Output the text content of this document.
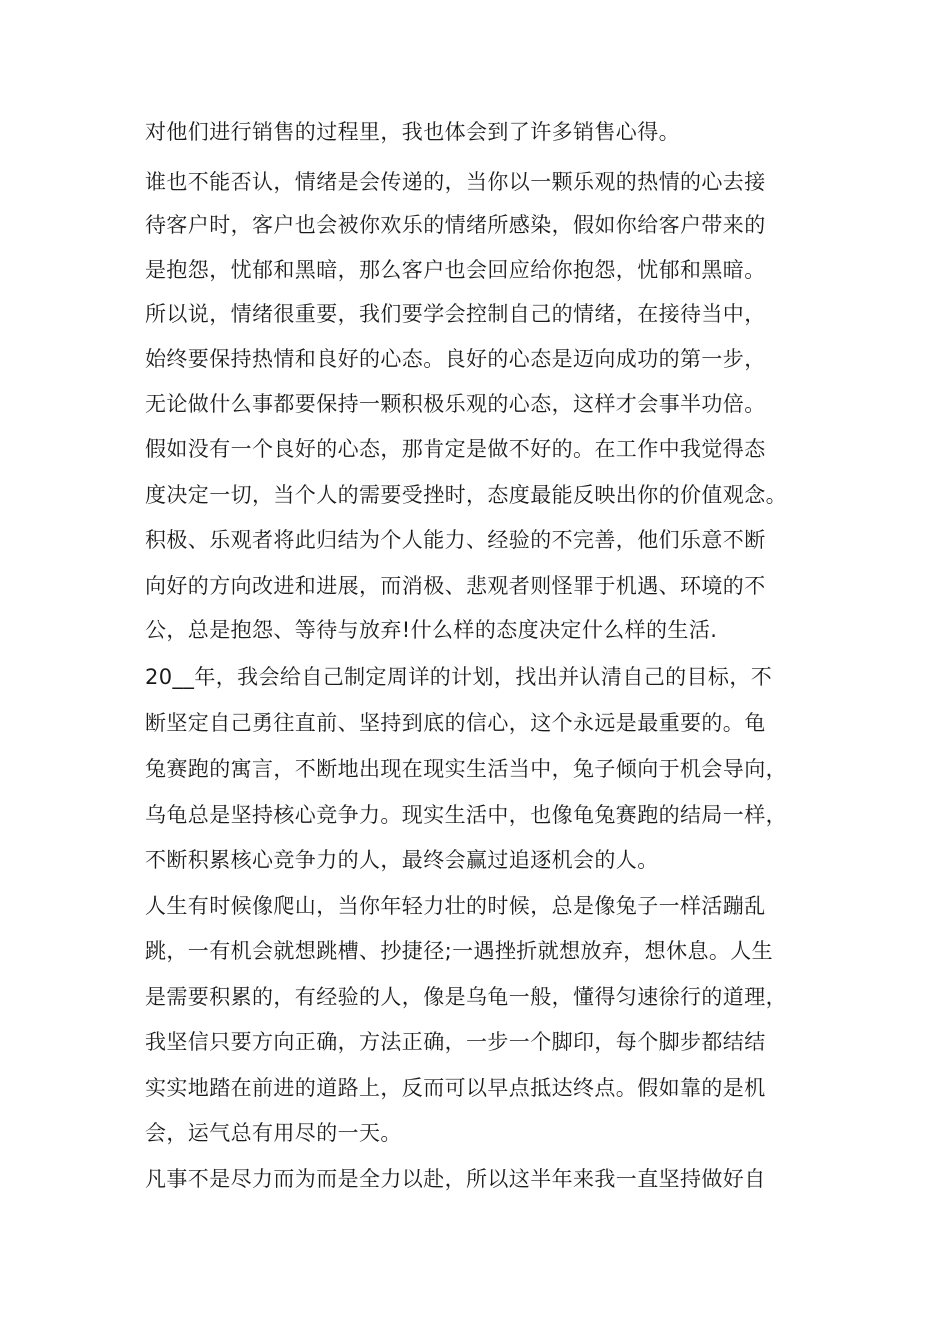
对他们进行销售的过程里，我也体会到了许多销售心得。
谁也不能否认，情绪是会传递的，当你以一颗乐观的热情的心去接
待客户时，客户也会被你欢乐的情绪所感染，假如你给客户带来的
是抱怨，忧郁和黑暗，那么客户也会回应给你抱怨，忧郁和黑暗。
所以说，情绪很重要，我们要学会控制自己的情绪，在接待当中，
始终要保持热情和良好的心态。良好的心态是迈向成功的第一步，
无论做什么事都要保持一颗积极乐观的心态，这样才会事半功倍。
假如没有一个良好的心态，那肯定是做不好的。在工作中我觉得态
度决定一切，当个人的需要受挫时，态度最能反映出你的价值观念。
积极、乐观者将此归结为个人能力、经验的不完善，他们乐意不断
向好的方向改进和进展，而消极、悲观者则怪罪于机遇、环境的不
公，总是抱怨、等待与放弃!什么样的态度决定什么样的生活.
20__年，我会给自己制定周详的计划，找出并认清自己的目标，不
断坚定自己勇往直前、坚持到底的信心，这个永远是最重要的。龟
兔赛跑的寓言，不断地出现在现实生活当中，兔子倾向于机会导向，
乌龟总是坚持核心竞争力。现实生活中，也像龟兔赛跑的结局一样，
不断积累核心竞争力的人，最终会赢过追逐机会的人。
人生有时候像爬山，当你年轻力壮的时候，总是像兔子一样活蹦乱
跳，一有机会就想跳槽、抄捷径;一遇挫折就想放弃，想休息。人生
是需要积累的，有经验的人，像是乌龟一般，懂得匀速徐行的道理，
我坚信只要方向正确，方法正确，一步一个脚印，每个脚步都结结
实实地踏在前进的道路上，反而可以早点抵达终点。假如靠的是机
会，运气总有用尽的一天。
凡事不是尽力而为而是全力以赴，所以这半年来我一直坚持做好自
